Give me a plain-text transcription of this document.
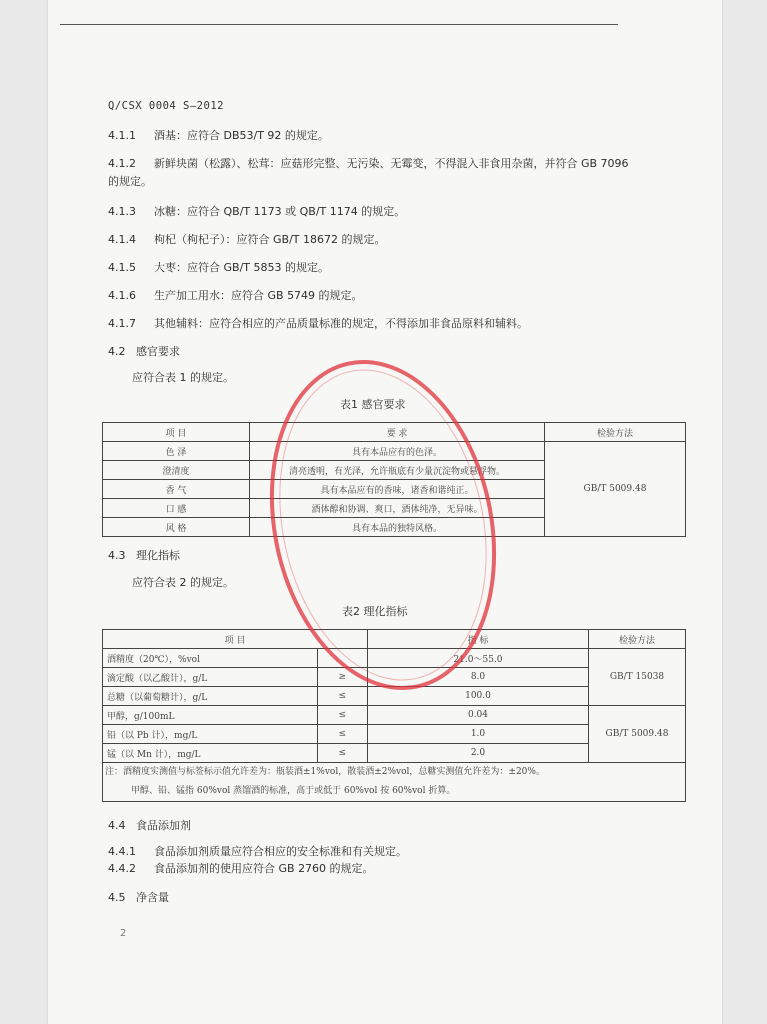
Q/CSX 0004 S—2012
4.1.1 酒基：应符合 DB53/T 92 的规定。
4.1.2 新鲜块菌（松露）、松茸：应菇形完整、无污染、无霉变，不得混入非食用杂菌，并符合 GB 7096
的规定。
4.1.3 冰糖：应符合 QB/T 1173 或 QB/T 1174 的规定。
4.1.4 枸杞（枸杞子）：应符合 GB/T 18672 的规定。
4.1.5 大枣：应符合 GB/T 5853 的规定。
4.1.6 生产加工用水：应符合 GB 5749 的规定。
4.1.7 其他辅料：应符合相应的产品质量标准的规定，不得添加非食品原料和辅料。
4.2 感官要求
应符合表 1 的规定。
表1 感官要求
项 目	要 求	检验方法
色 泽	具有本品应有的色泽。	GB/T 5009.48
澄清度	清亮透明，有光泽，允许瓶底有少量沉淀物或悬浮物。	
香 气	具有本品应有的香味，诸香和谐纯正。	
口 感	酒体醇和协调、爽口，酒体纯净，无异味。	
风 格	具有本品的独特风格。	
4.3 理化指标
应符合表 2 的规定。
表2 理化指标
项 目		指 标	检验方法
酒精度（20℃），%vol		21.0～55.0	GB/T 15038
滴定酸（以乙酸计），g/L	≥	8.0	
总糖（以葡萄糖计），g/L	≤	100.0	
甲醇，g/100mL	≤	0.04	GB/T 5009.48
铅（以 Pb 计），mg/L	≤	1.0	
锰（以 Mn 计），mg/L	≤	2.0	

注：酒精度实测值与标签标示值允许差为：瓶装酒±1%vol，散装酒±2%vol，总糖实测值允许差为：±20%。
甲醇、铅、锰指 60%vol 蒸馏酒的标准，高于或低于 60%vol 按 60%vol 折算。			
4.4 食品添加剂
4.4.1 食品添加剂质量应符合相应的安全标准和有关规定。
4.4.2 食品添加剂的使用应符合 GB 2760 的规定。
4.5 净含量
2
